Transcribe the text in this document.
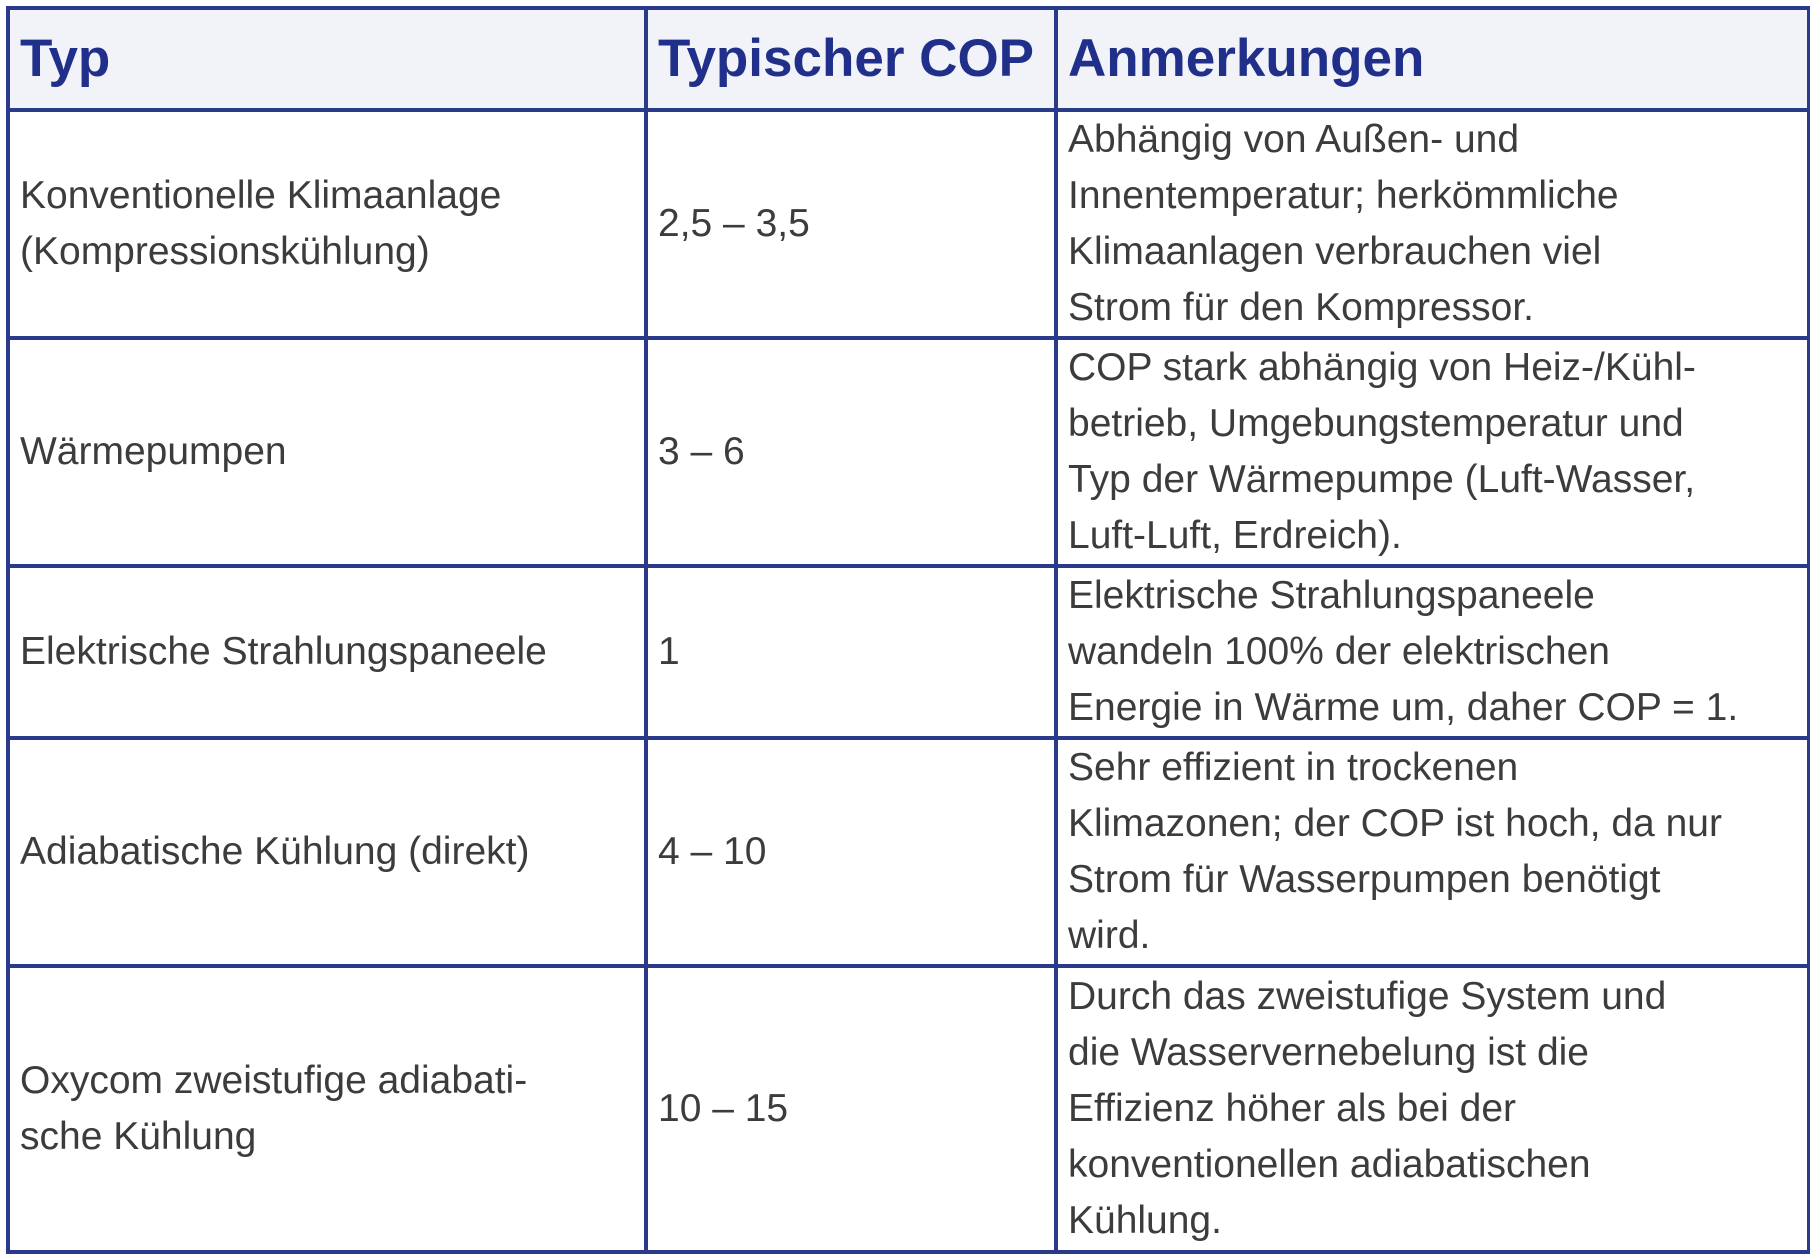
Typ	Typischer COP	Anmerkungen
Konventionelle Klimaanlage
(Kompressionskühlung)	2,5 – 3,5	Abhängig von Außen- und
Innentemperatur; herkömmliche
Klimaanlagen verbrauchen viel
Strom für den Kompressor.
Wärmepumpen	3 – 6	COP stark abhängig von Heiz-/Kühl-
betrieb, Umgebungstemperatur und
Typ der Wärmepumpe (Luft-Wasser,
Luft-Luft, Erdreich).
Elektrische Strahlungspaneele	1	Elektrische Strahlungspaneele
wandeln 100% der elektrischen
Energie in Wärme um, daher COP = 1.
Adiabatische Kühlung (direkt)	4 – 10	Sehr effizient in trockenen
Klimazonen; der COP ist hoch, da nur
Strom für Wasserpumpen benötigt
wird.
Oxycom zweistufige adiabati-
sche Kühlung	10 – 15	Durch das zweistufige System und
die Wasservernebelung ist die
Effizienz höher als bei der
konventionellen adiabatischen
Kühlung.
